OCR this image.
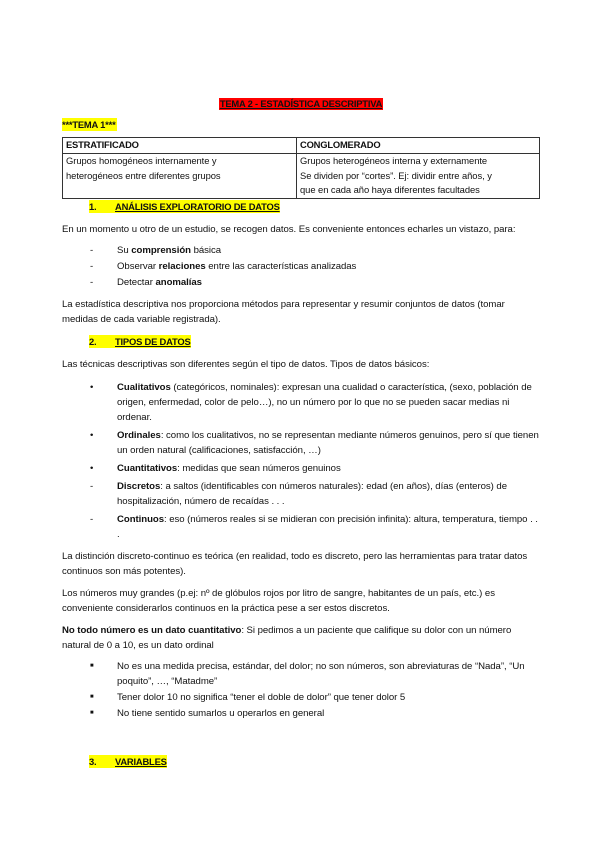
TEMA 2 - ESTADÍSTICA DESCRIPTIVA
***TEMA 1***
ESTRATIFICADO	CONGLOMERADO

Grupos homogéneos internamente y
heterogéneos entre diferentes grupos

Grupos heterogéneos interna y externamente
Se dividen por “cortes”. Ej: dividir entre años, y
que en cada año haya diferentes facultades
1. ANÁLISIS EXPLORATORIO DE DATOS

En un momento u otro de un estudio, se recogen datos. Es conveniente entonces echarles un vistazo, para:

-	Su comprensión básica
-	Observar relaciones entre las características analizadas
-	Detectar anomalías

La estadística descriptiva nos proporciona métodos para representar y resumir conjuntos de datos (tomar medidas de cada variable registrada).

2. TIPOS DE DATOS

Las técnicas descriptivas son diferentes según el tipo de datos. Tipos de datos básicos:

•	Cualitativos (categóricos, nominales): expresan una cualidad o característica, (sexo, población de origen, enfermedad, color de pelo…), no un número por lo que no se pueden sacar medias ni ordenar.
•	Ordinales: como los cualitativos, no se representan mediante números genuinos, pero sí que tienen un orden natural (calificaciones, satisfacción, …)
•	Cuantitativos: medidas que sean números genuinos
-	Discretos: a saltos (identificables con números naturales): edad (en años), días (enteros) de hospitalización, número de recaídas . . .
-	Continuos: eso (números reales si se midieran con precisión infinita): altura, temperatura, tiempo . . .

La distinción discreto-continuo es teórica (en realidad, todo es discreto, pero las herramientas para tratar datos continuos son más potentes).

Los números muy grandes (p.ej: nº de glóbulos rojos por litro de sangre, habitantes de un país, etc.) es conveniente considerarlos continuos en la práctica pese a ser estos discretos.

No todo número es un dato cuantitativo: Si pedimos a un paciente que califique su dolor con un número natural de 0 a 10, es un dato ordinal

■	No es una medida precisa, estándar, del dolor; no son números, son abreviaturas de “Nada”, “Un poquito”, …, “Matadme”
■	Tener dolor 10 no significa “tener el doble de dolor” que tener dolor 5
■	No tiene sentido sumarlos u operarlos en general
3. VARIABLES
